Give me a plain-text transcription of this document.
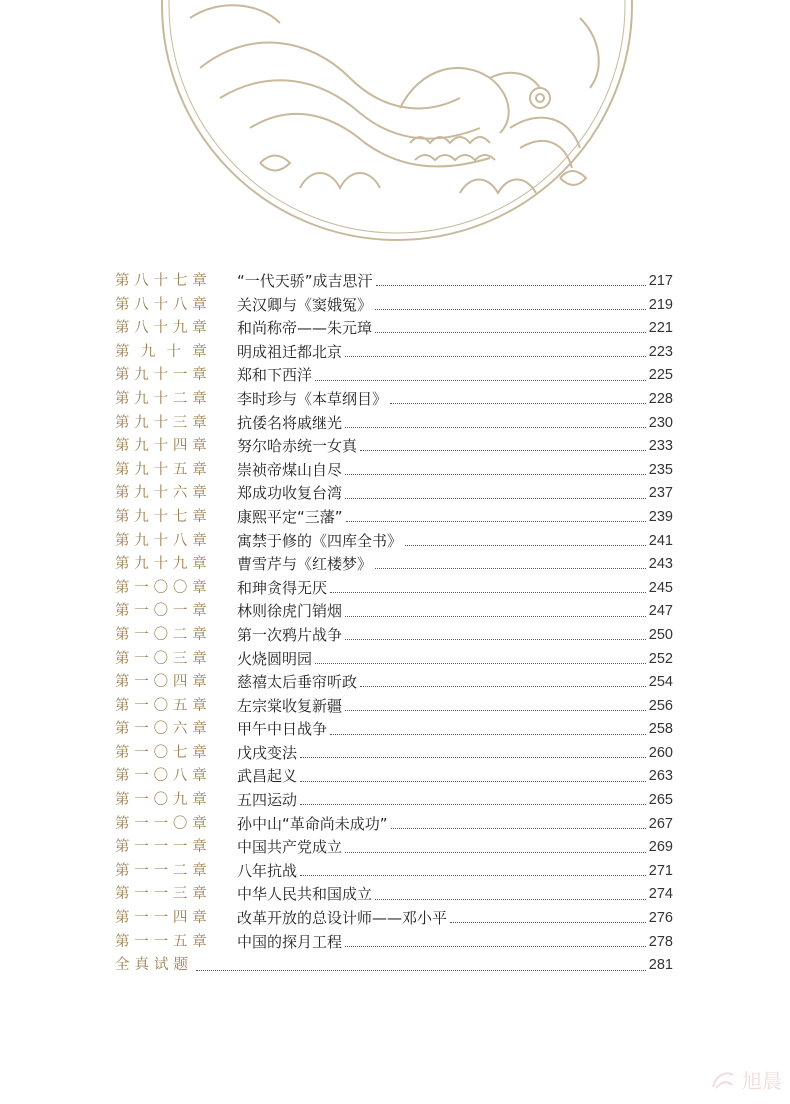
第八十七章 “一代天骄”成吉思汗	217
第八十八章 关汉卿与《窦娥冤》	219
第八十九章 和尚称帝——朱元璋	221
第九十章 明成祖迁都北京	223
第九十一章 郑和下西洋	225
第九十二章 李时珍与《本草纲目》	228
第九十三章 抗倭名将戚继光	230
第九十四章 努尔哈赤统一女真	233
第九十五章 崇祯帝煤山自尽	235
第九十六章 郑成功收复台湾	237
第九十七章 康熙平定“三藩”	239
第九十八章 寓禁于修的《四库全书》	241
第九十九章 曹雪芹与《红楼梦》	243
第一〇〇章 和珅贪得无厌	245
第一〇一章 林则徐虎门销烟	247
第一〇二章 第一次鸦片战争	250
第一〇三章 火烧圆明园	252
第一〇四章 慈禧太后垂帘听政	254
第一〇五章 左宗棠收复新疆	256
第一〇六章 甲午中日战争	258
第一〇七章 戊戌变法	260
第一〇八章 武昌起义	263
第一〇九章 五四运动	265
第一一〇章 孙中山“革命尚未成功”	267
第一一一章 中国共产党成立	269
第一一二章 八年抗战	271
第一一三章 中华人民共和国成立	274
第一一四章 改革开放的总设计师——邓小平	276
第一一五章 中国的探月工程	278
全真试题	281
旭晨
